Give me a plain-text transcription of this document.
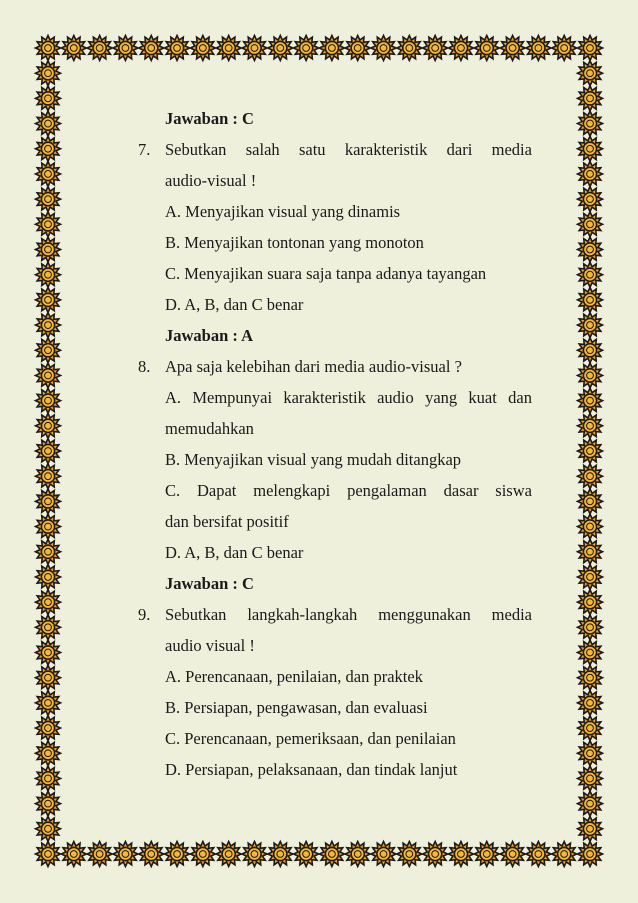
Jawaban : C
7. Sebutkan salah satu karakteristik dari media
audio-visual !
A. Menyajikan visual yang dinamis
B. Menyajikan tontonan yang monoton
C. Menyajikan suara saja tanpa adanya tayangan
D. A, B, dan C benar
Jawaban : A
8. Apa saja kelebihan dari media audio-visual ?
A. Mempunyai karakteristik audio yang kuat dan
memudahkan
B. Menyajikan visual yang mudah ditangkap
C. Dapat melengkapi pengalaman dasar siswa
dan bersifat positif
D. A, B, dan C benar
Jawaban : C
9. Sebutkan langkah-langkah menggunakan media
audio visual !
A. Perencanaan, penilaian, dan praktek
B. Persiapan, pengawasan, dan evaluasi
C. Perencanaan, pemeriksaan, dan penilaian
D. Persiapan, pelaksanaan, dan tindak lanjut
